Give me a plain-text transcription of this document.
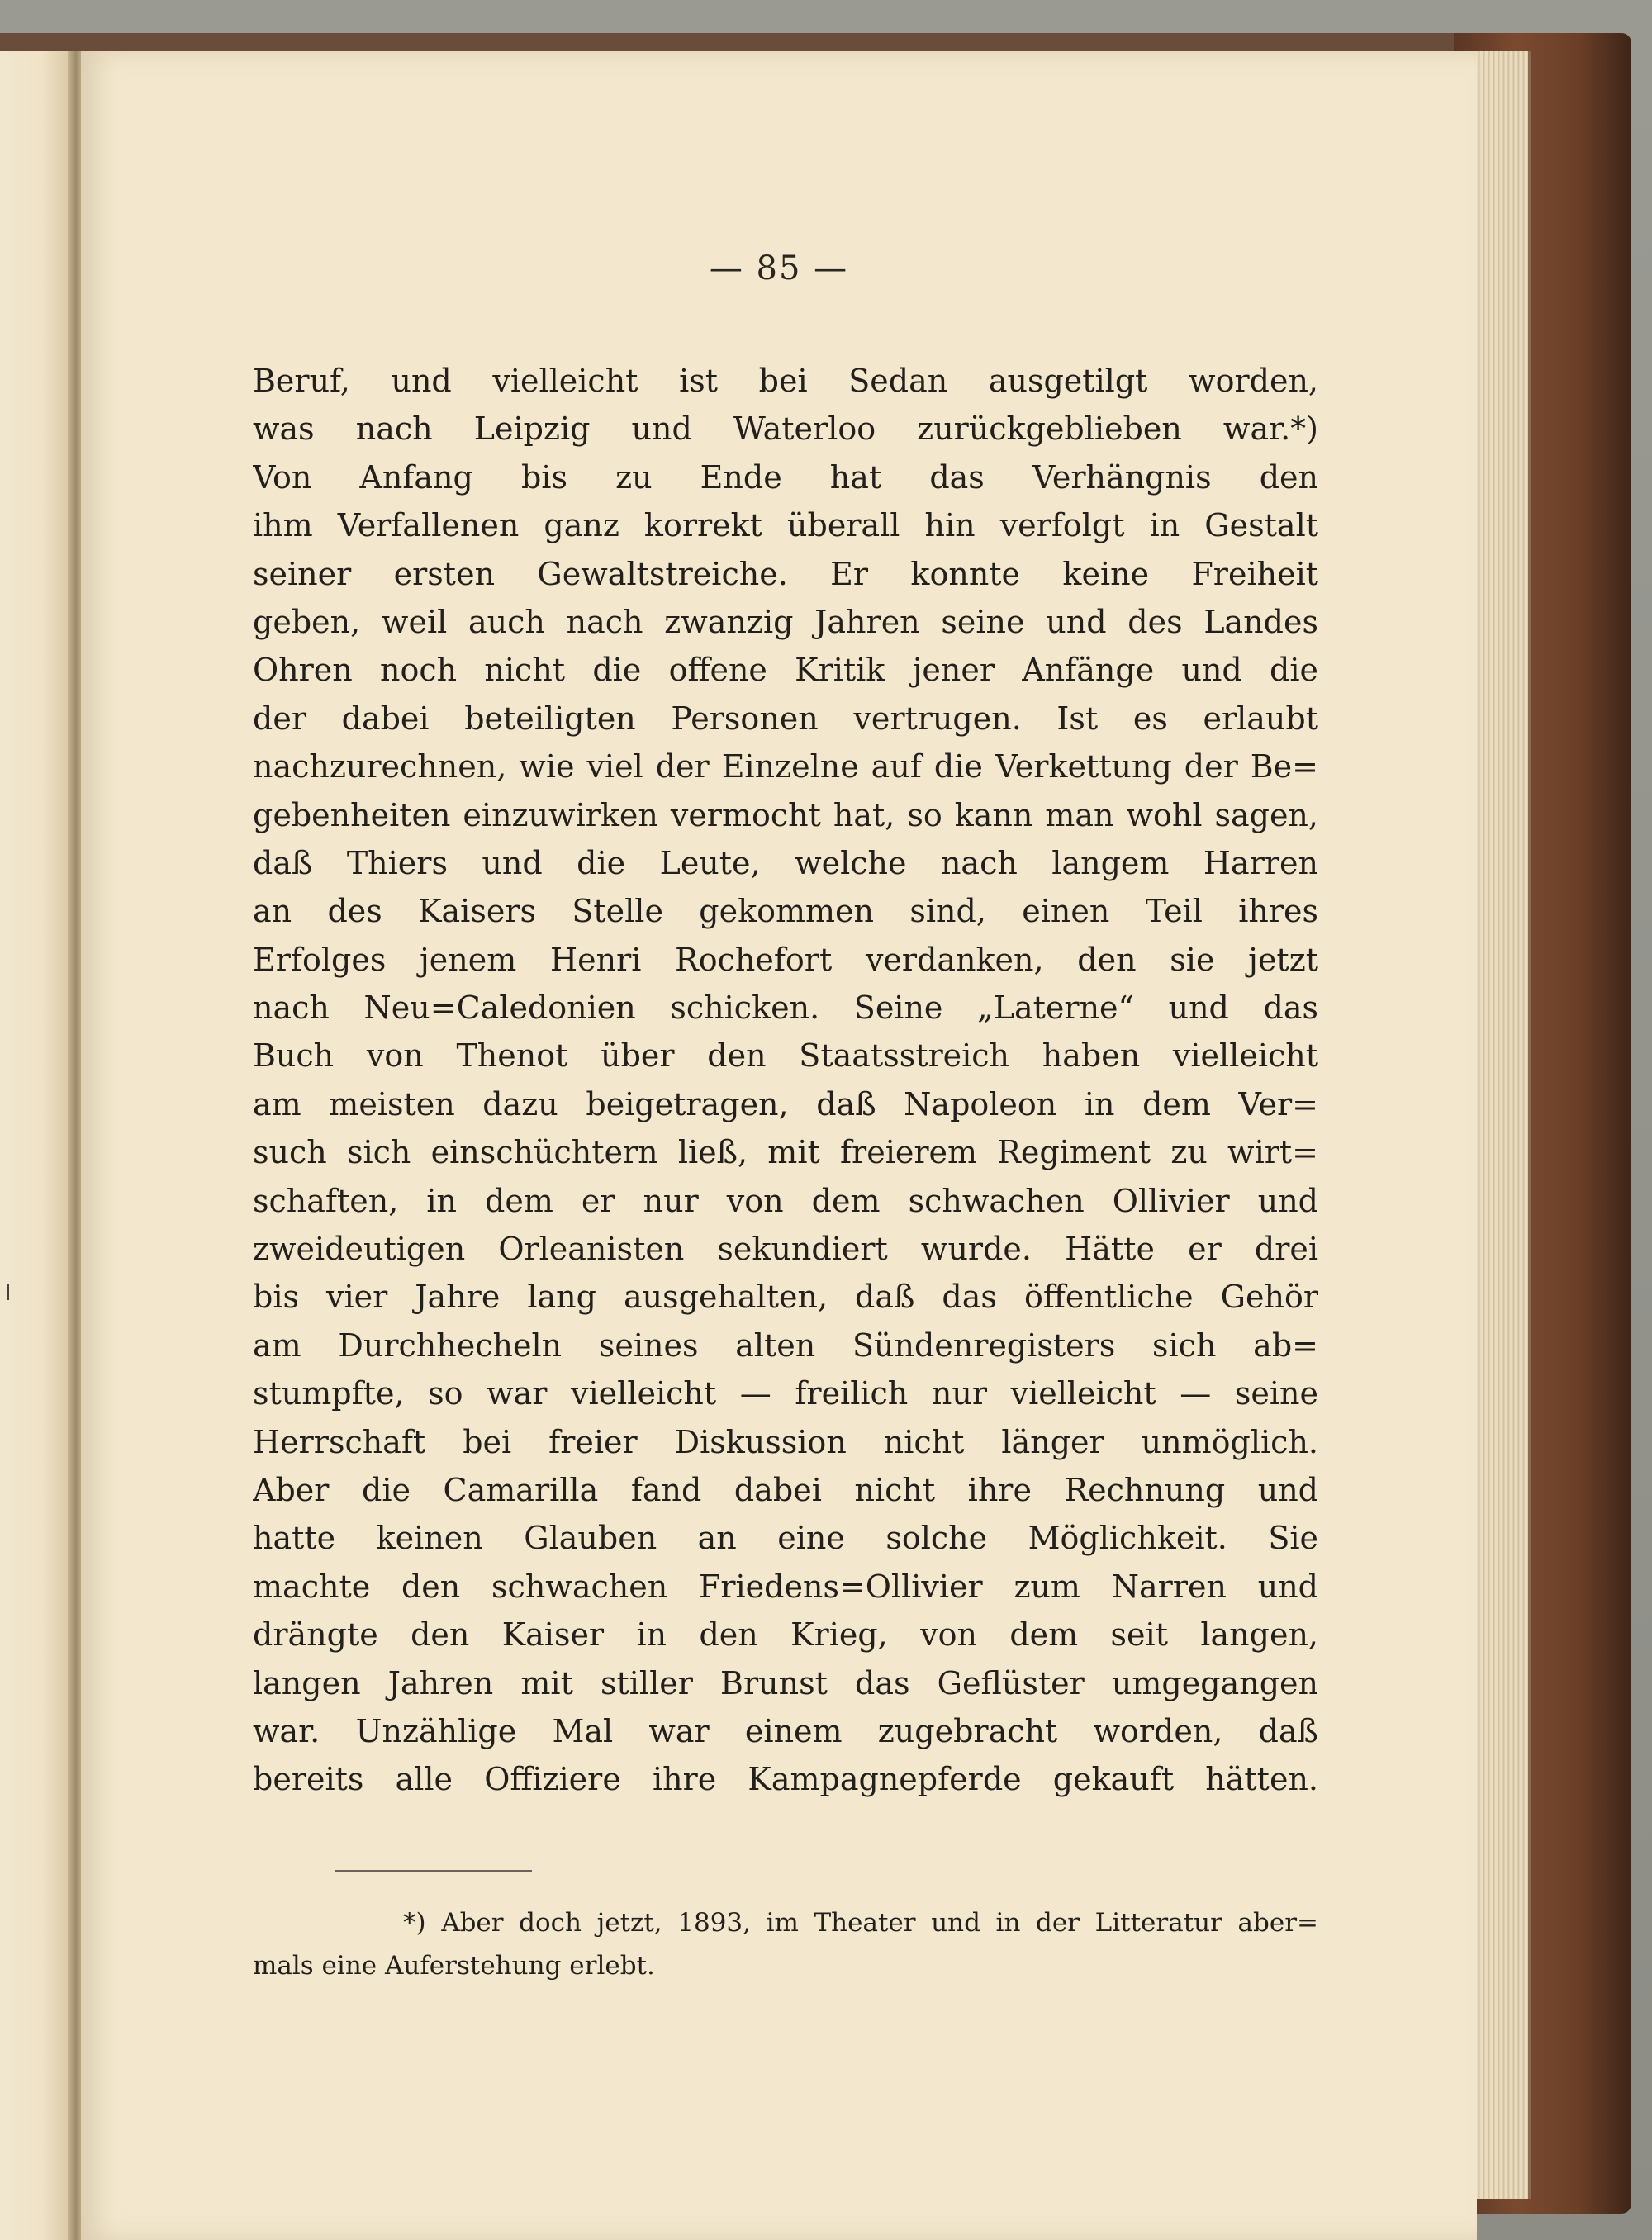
— 85 —
Beruf, und vielleicht ist bei Sedan ausgetilgt worden,
was nach Leipzig und Waterloo zurückgeblieben war.*)
Von Anfang bis zu Ende hat das Verhängnis den
ihm Verfallenen ganz korrekt überall hin verfolgt in Gestalt
seiner ersten Gewaltstreiche. Er konnte keine Freiheit
geben, weil auch nach zwanzig Jahren seine und des Landes
Ohren noch nicht die offene Kritik jener Anfänge und die
der dabei beteiligten Personen vertrugen. Ist es erlaubt
nachzurechnen, wie viel der Einzelne auf die Verkettung der Be=
gebenheiten einzuwirken vermocht hat, so kann man wohl sagen,
daß Thiers und die Leute, welche nach langem Harren
an des Kaisers Stelle gekommen sind, einen Teil ihres
Erfolges jenem Henri Rochefort verdanken, den sie jetzt
nach Neu=Caledonien schicken. Seine „Laterne“ und das
Buch von Thenot über den Staatsstreich haben vielleicht
am meisten dazu beigetragen, daß Napoleon in dem Ver=
such sich einschüchtern ließ, mit freierem Regiment zu wirt=
schaften, in dem er nur von dem schwachen Ollivier und
zweideutigen Orleanisten sekundiert wurde. Hätte er drei
bis vier Jahre lang ausgehalten, daß das öffentliche Gehör
am Durchhecheln seines alten Sündenregisters sich ab=
stumpfte, so war vielleicht — freilich nur vielleicht — seine
Herrschaft bei freier Diskussion nicht länger unmöglich.
Aber die Camarilla fand dabei nicht ihre Rechnung und
hatte keinen Glauben an eine solche Möglichkeit. Sie
machte den schwachen Friedens=Ollivier zum Narren und
drängte den Kaiser in den Krieg, von dem seit langen,
langen Jahren mit stiller Brunst das Geflüster umgegangen
war. Unzählige Mal war einem zugebracht worden, daß
bereits alle Offiziere ihre Kampagnepferde gekauft hätten.
*) Aber doch jetzt, 1893, im Theater und in der Litteratur aber=
mals eine Auferstehung erlebt.
